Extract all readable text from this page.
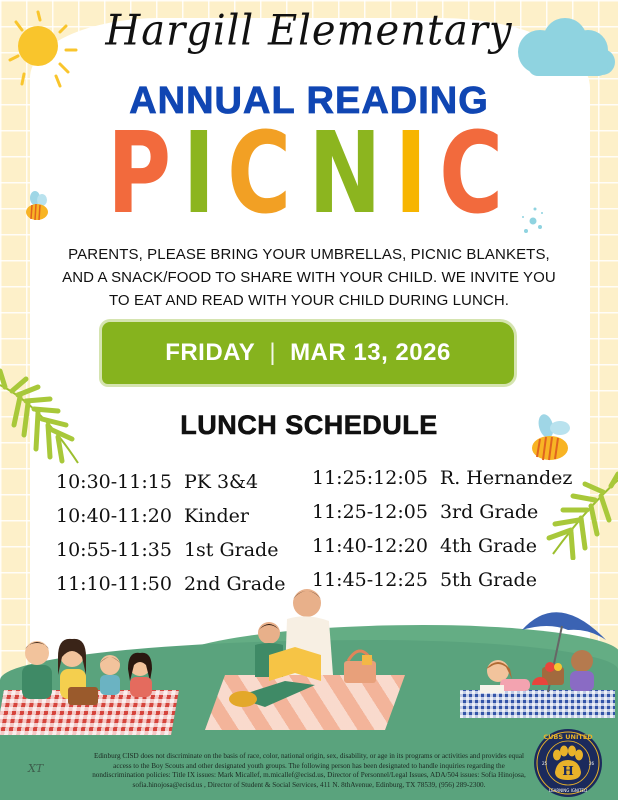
Hargill Elementary
ANNUAL READING
PICNIC
PARENTS, PLEASE BRING YOUR UMBRELLAS, PICNIC BLANKETS,
AND A SNACK/FOOD TO SHARE WITH YOUR CHILD. WE INVITE YOU
TO EAT AND READ WITH YOUR CHILD DURING LUNCH.
FRIDAY | MAR 13, 2026
LUNCH SCHEDULE
10:30-11:15 PK 3&4
10:40-11:20 Kinder
10:55-11:35 1st Grade
11:10-11:50 2nd Grade
11:25:12:05 R. Hernandez
11:25-12:05 3rd Grade
11:40-12:20 4th Grade
11:45-12:25 5th Grade
Edinburg CISD does not discriminate on the basis of race, color, national origin, sex, disability, or age in its programs or activities and provides equal
access to the Boy Scouts and other designated youth groups. The following person has been designated to handle inquiries regarding the
nondiscrimination policies: Title IX issues: Mark Micallef, m.micallef@ecisd.us, Director of Personnel/Legal Issues, ADA/504 issues: Sofia Hinojosa,
sofia.hinojosa@ecisd.us , Director of Student & Social Services, 411 N. 8thAvenue, Edinburg, TX 78539, (956) 289-2300.
XT	H
CUBS UNITED
LEARNING IGNITED
25	26
